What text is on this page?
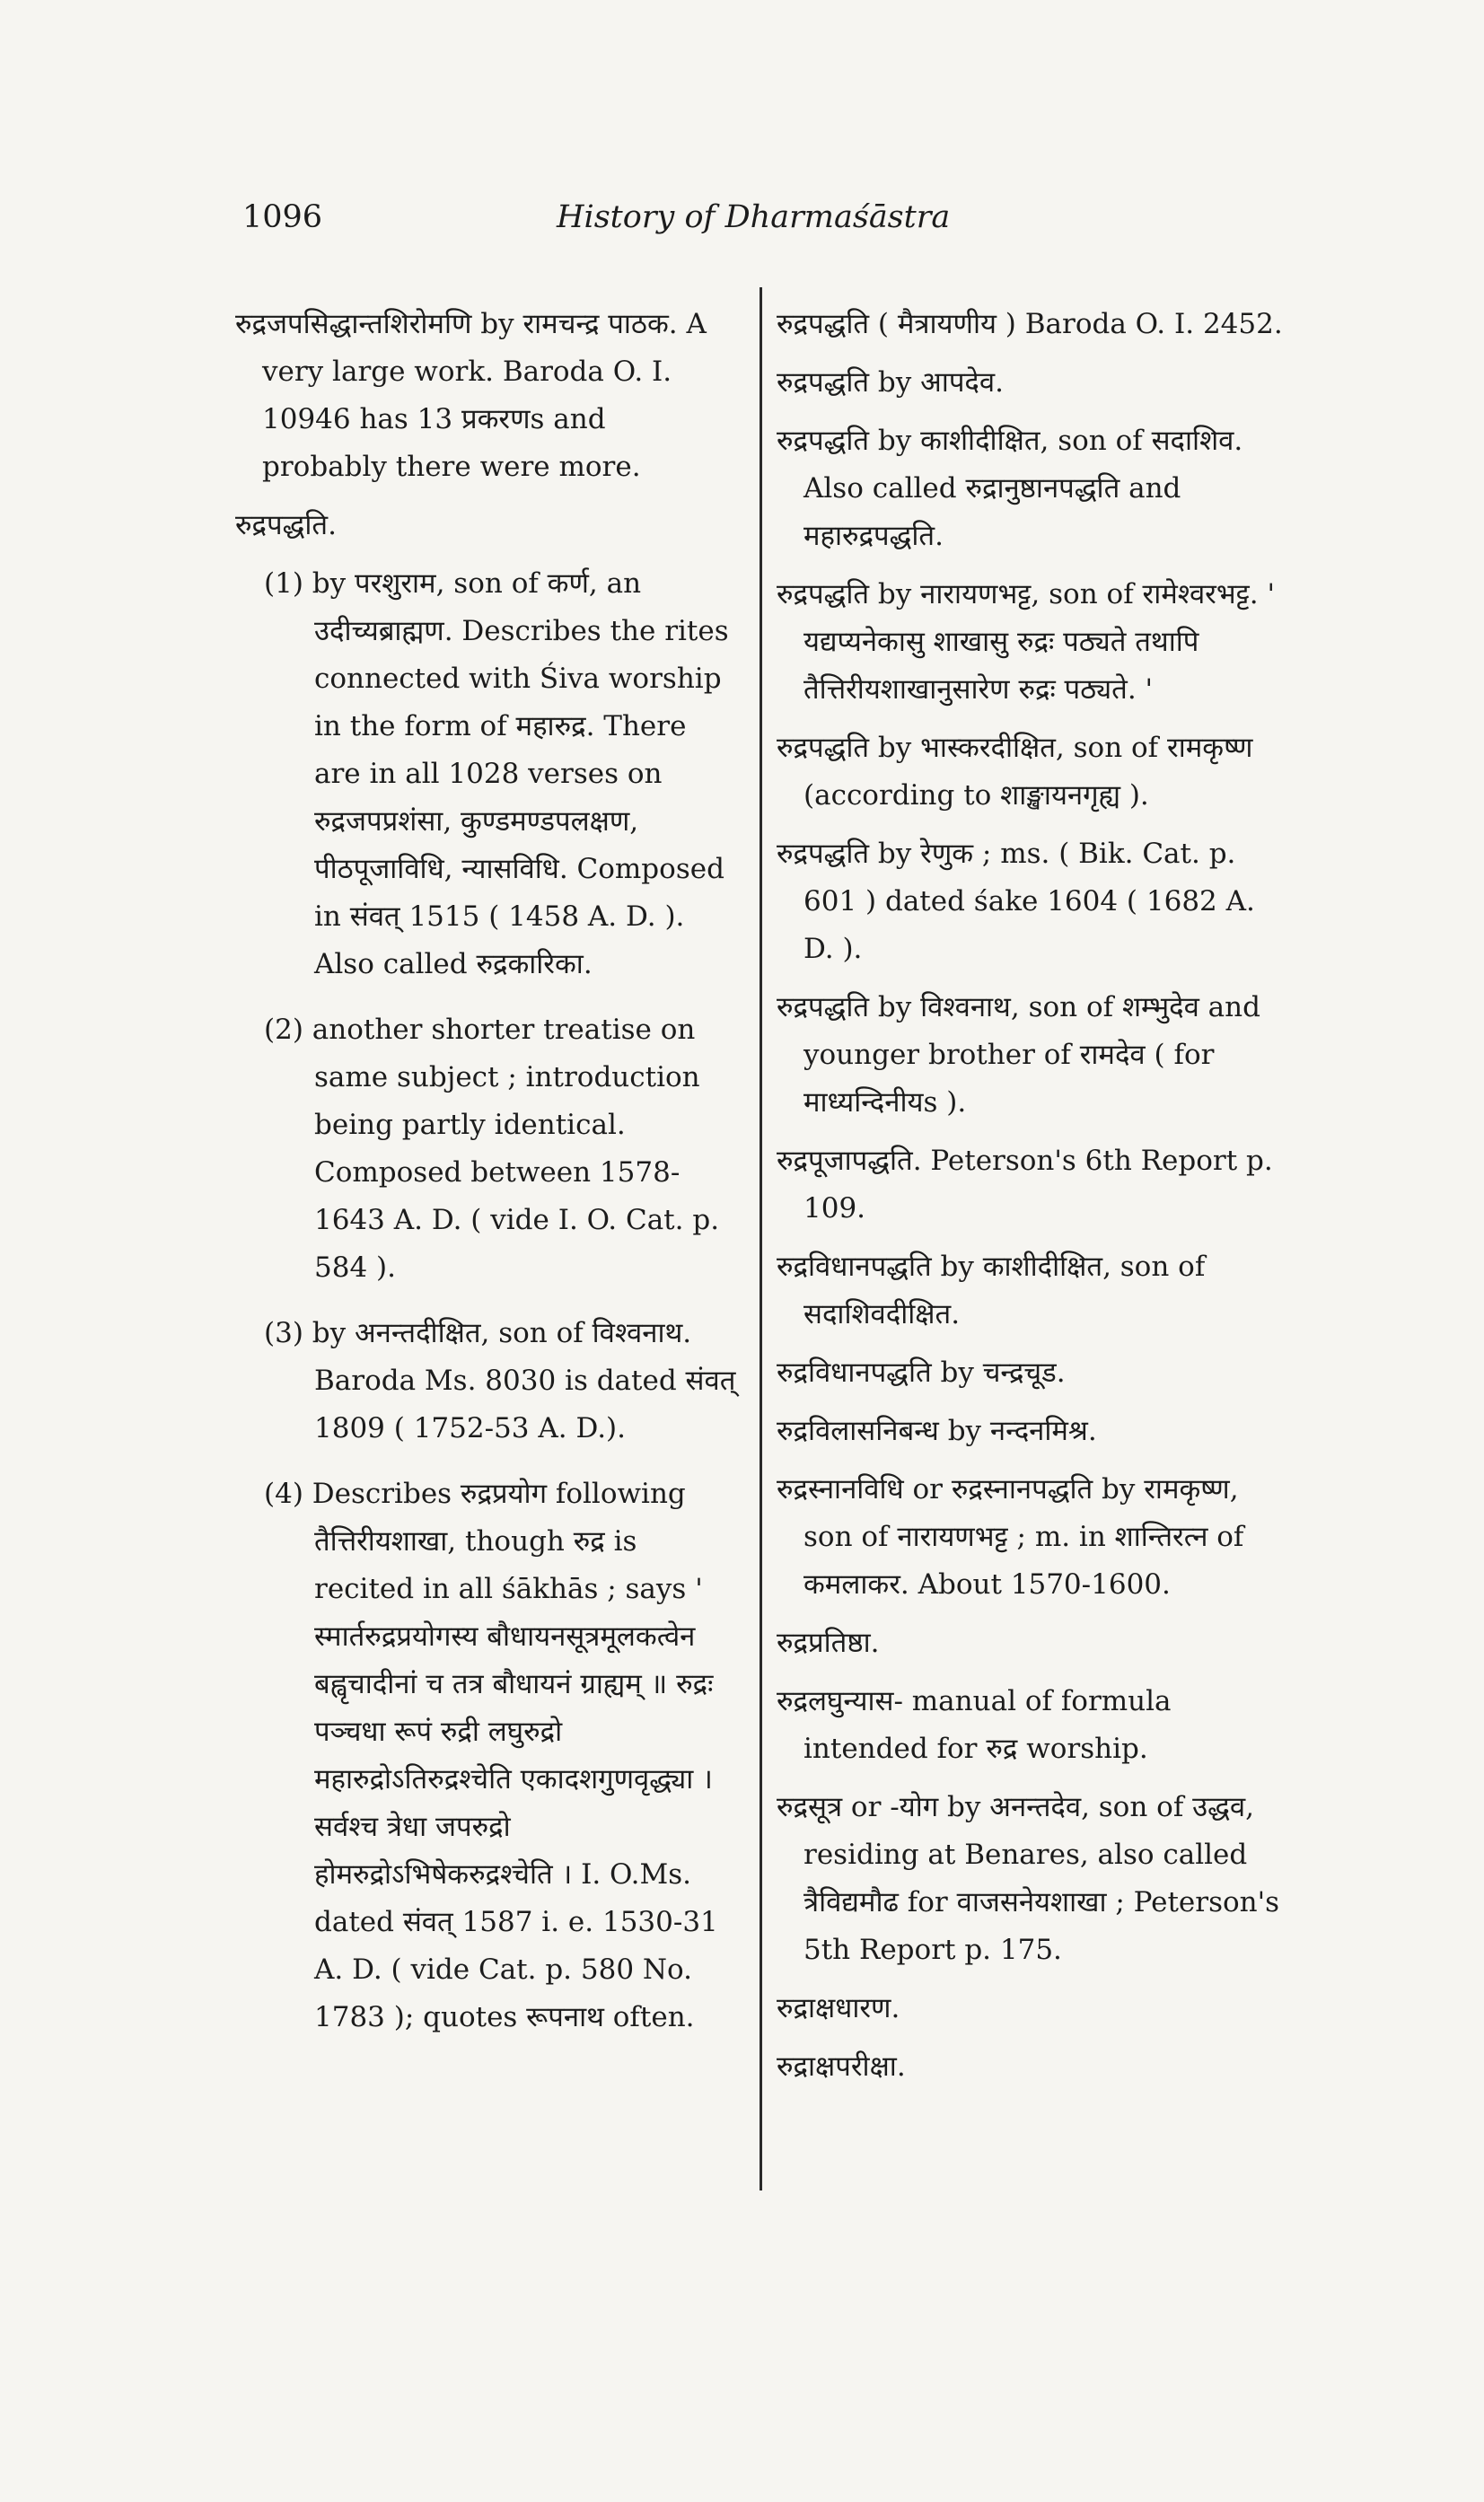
1096	History of Dharmaśāstra

रुद्रजपसिद्धान्तशिरोमणि by रामचन्द्र पाठक. A very large work. Baroda O. I. 10946 has 13 प्रकरणs and probably there were more.

रुद्रपद्धति.

(1) by परशुराम, son of कर्ण, an उदीच्यब्राह्मण. Describes the rites connected with Śiva worship in the form of महारुद्र. There are in all 1028 verses on रुद्रजपप्रशंसा, कुण्डमण्डपलक्षण, पीठपूजाविधि, न्यासविधि. Composed in संवत् 1515 ( 1458 A. D. ). Also called रुद्रकारिका.

(2) another shorter treatise on same subject ; introduction being partly identical. Composed between 1578-1643 A. D. ( vide I. O. Cat. p. 584 ).

(3) by अनन्तदीक्षित, son of विश्वनाथ. Baroda Ms. 8030 is dated संवत् 1809 ( 1752-53 A. D.).

(4) Describes रुद्रप्रयोग following तैत्तिरीयशाखा, though रुद्र is recited in all śākhās ; says ' स्मार्तरुद्रप्रयोगस्य बौधायनसूत्रमूलकत्वेन बह्वृचादीनां च तत्र बौधायनं ग्राह्यम् ॥ रुद्रः पञ्चधा रूपं रुद्री लघुरुद्रो महारुद्रोऽतिरुद्रश्चेति एकादशगुणवृद्ध्या । सर्वश्च त्रेधा जपरुद्रो होमरुद्रोऽभिषेकरुद्रश्चेति । I. O.Ms. dated संवत् 1587 i. e. 1530-31 A. D. ( vide Cat. p. 580 No. 1783 ); quotes रूपनाथ often.

रुद्रपद्धति ( मैत्रायणीय ) Baroda O. I. 2452.

रुद्रपद्धति by आपदेव.

रुद्रपद्धति by काशीदीक्षित, son of सदाशिव. Also called रुद्रानुष्ठानपद्धति and महारुद्रपद्धति.

रुद्रपद्धति by नारायणभट्ट, son of रामेश्वरभट्ट. ' यद्यप्यनेकासु शाखासु रुद्रः पठ्यते तथापि तैत्तिरीयशाखानुसारेण रुद्रः पठ्यते. '

रुद्रपद्धति by भास्करदीक्षित, son of रामकृष्ण (according to शाङ्खायनगृह्य ).

रुद्रपद्धति by रेणुक ; ms. ( Bik. Cat. p. 601 ) dated śake 1604 ( 1682 A. D. ).

रुद्रपद्धति by विश्वनाथ, son of शम्भुदेव and younger brother of रामदेव ( for माध्यन्दिनीयs ).

रुद्रपूजापद्धति. Peterson's 6th Report p. 109.

रुद्रविधानपद्धति by काशीदीक्षित, son of सदाशिवदीक्षित.

रुद्रविधानपद्धति by चन्द्रचूड.

रुद्रविलासनिबन्ध by नन्दनमिश्र.

रुद्रस्नानविधि or रुद्रस्नानपद्धति by रामकृष्ण, son of नारायणभट्ट ; m. in शान्तिरत्न of कमलाकर. About 1570-1600.

रुद्रप्रतिष्ठा.

रुद्रलघुन्यास- manual of formula intended for रुद्र worship.

रुद्रसूत्र or -योग by अनन्तदेव, son of उद्धव, residing at Benares, also called त्रैविद्यमौढ for वाजसनेयशाखा ; Peterson's 5th Report p. 175.

रुद्राक्षधारण.

रुद्राक्षपरीक्षा.
